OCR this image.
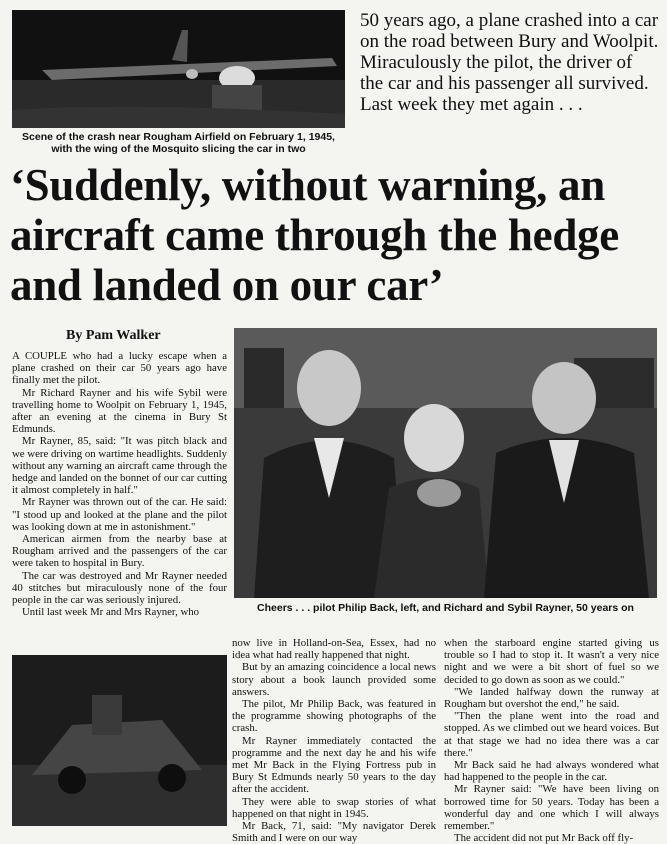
Scene of the crash near Rougham Airfield on February 1, 1945, with the wing of the Mosquito slicing the car in two
50 years ago, a plane crashed into a car on the road between Bury and Woolpit. Miraculously the pilot, the driver of the car and his passenger all survived. Last week they met again . . .
‘Suddenly, without warning, an aircraft came through the hedge and landed on our car’
By Pam Walker
Cheers . . . pilot Philip Back, left, and Richard and Sybil Rayner, 50 years on

A COUPLE who had a lucky escape when a plane crashed on their car 50 years ago have finally met the pilot.

Mr Richard Rayner and his wife Sybil were travelling home to Woolpit on February 1, 1945, after an evening at the cinema in Bury St Edmunds.

Mr Rayner, 85, said: "It was pitch black and we were driving on wartime headlights. Suddenly without any warning an aircraft came through the hedge and landed on the bonnet of our car cutting it almost completely in half."

Mr Rayner was thrown out of the car. He said: "I stood up and looked at the plane and the pilot was looking down at me in astonishment."

American airmen from the nearby base at Rougham arrived and the passengers of the car were taken to hospital in Bury.

The car was destroyed and Mr Rayner needed 40 stitches but miraculously none of the four people in the car was seriously injured.

Until last week Mr and Mrs Rayner, who

now live in Holland-on-Sea, Essex, had no idea what had really happened that night.

But by an amazing coincidence a local news story about a book launch provided some answers.

The pilot, Mr Philip Back, was featured in the programme showing photographs of the crash.

Mr Rayner immediately contacted the programme and the next day he and his wife met Mr Back in the Flying Fortress pub in Bury St Edmunds nearly 50 years to the day after the accident.

They were able to swap stories of what happened on that night in 1945.

Mr Back, 71, said: "My navigator Derek Smith and I were on our way

when the starboard engine started giving us trouble so I had to stop it. It wasn't a very nice night and we were a bit short of fuel so we decided to go down as soon as we could."

"We landed halfway down the runway at Rougham but overshot the end," he said.

"Then the plane went into the road and stopped. As we climbed out we heard voices. But at that stage we had no idea there was a car there."

Mr Back said he had always wondered what had happened to the people in the car.

Mr Rayner said: "We have been living on borrowed time for 50 years. Today has been a wonderful day and one which I will always remember."

The accident did not put Mr Back off fly-
